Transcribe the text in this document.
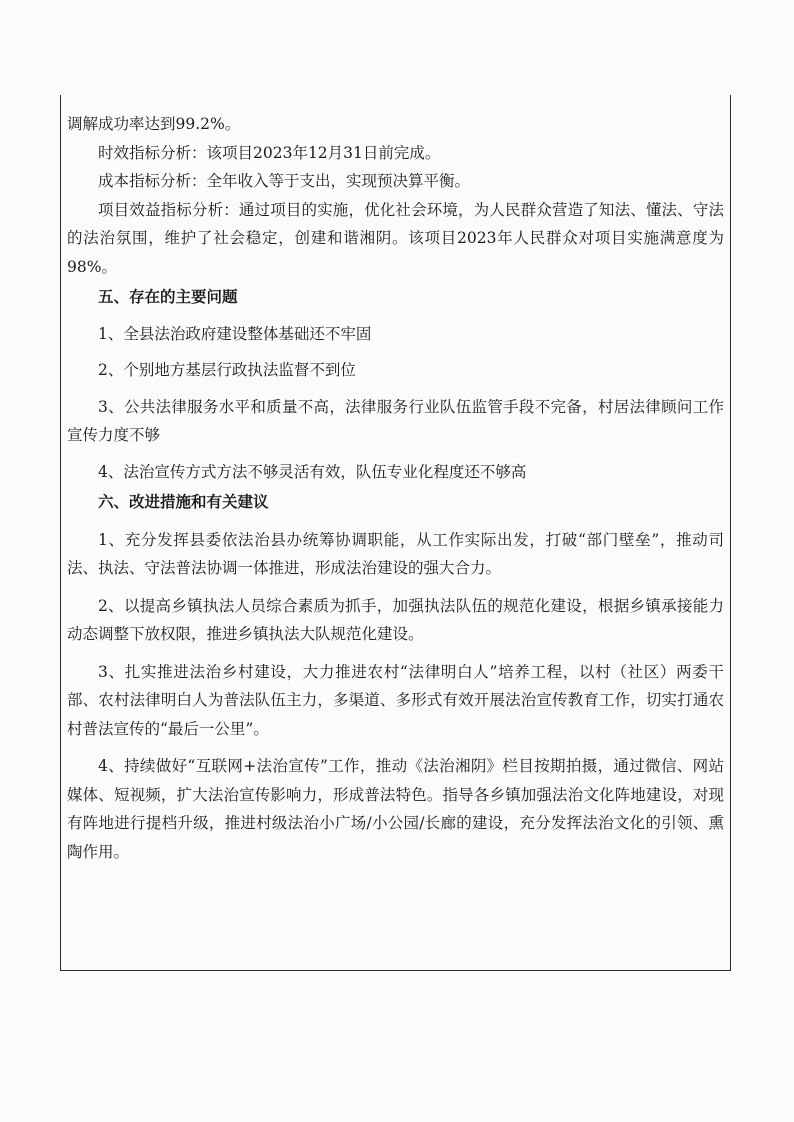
调解成功率达到99.2%。

时效指标分析：该项目2023年12月31日前完成。

成本指标分析：全年收入等于支出，实现预决算平衡。

项目效益指标分析：通过项目的实施，优化社会环境，为人民群众营造了知法、懂法、守法的法治氛围，维护了社会稳定，创建和谐湘阴。该项目2023年人民群众对项目实施满意度为98%。

五、存在的主要问题

1、全县法治政府建设整体基础还不牢固

2、个别地方基层行政执法监督不到位

3、公共法律服务水平和质量不高，法律服务行业队伍监管手段不完备，村居法律顾问工作宣传力度不够

4、法治宣传方式方法不够灵活有效，队伍专业化程度还不够高

六、改进措施和有关建议

1、充分发挥县委依法治县办统筹协调职能，从工作实际出发，打破“部门壁垒”，推动司法、执法、守法普法协调一体推进，形成法治建设的强大合力。

2、以提高乡镇执法人员综合素质为抓手，加强执法队伍的规范化建设，根据乡镇承接能力动态调整下放权限，推进乡镇执法大队规范化建设。

3、扎实推进法治乡村建设，大力推进农村“法律明白人”培养工程，以村（社区）两委干部、农村法律明白人为普法队伍主力，多渠道、多形式有效开展法治宣传教育工作，切实打通农村普法宣传的“最后一公里”。

4、持续做好“互联网+法治宣传”工作，推动《法治湘阴》栏目按期拍摄，通过微信、网站媒体、短视频，扩大法治宣传影响力，形成普法特色。指导各乡镇加强法治文化阵地建设，对现有阵地进行提档升级，推进村级法治小广场/小公园/长廊的建设，充分发挥法治文化的引领、熏陶作用。
